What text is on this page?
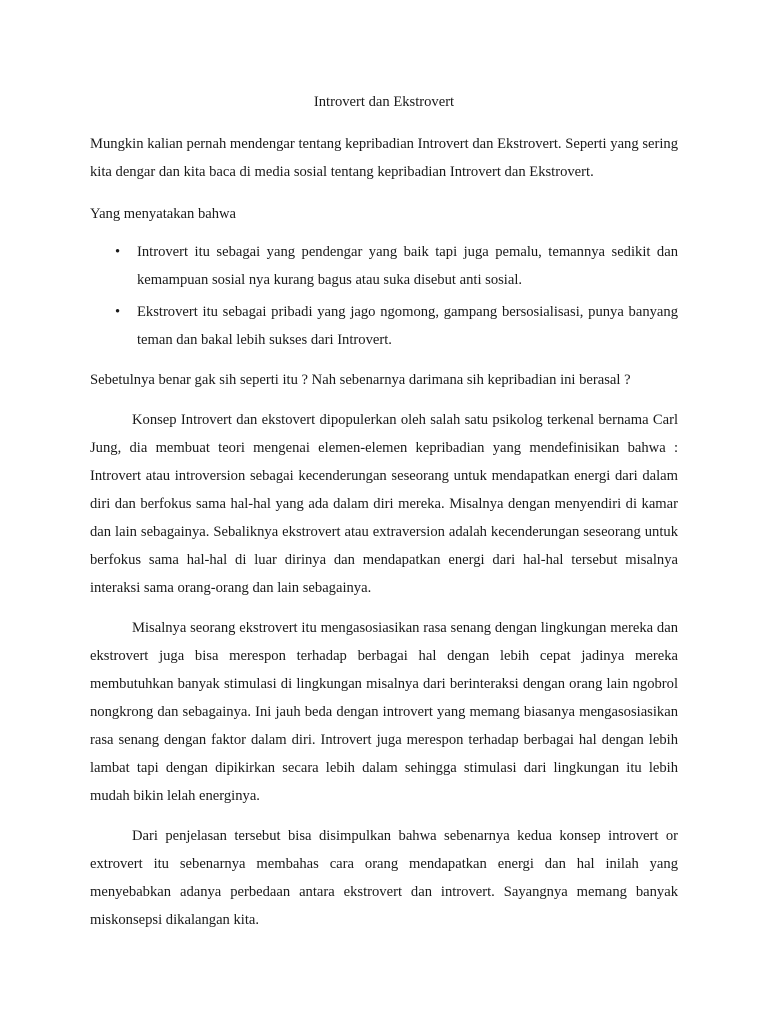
Introvert dan Ekstrovert

Mungkin kalian pernah mendengar tentang kepribadian Introvert dan Ekstrovert. Seperti yang sering kita dengar dan kita baca di media sosial tentang kepribadian Introvert dan Ekstrovert.

Yang menyatakan bahwa

• Introvert itu sebagai yang pendengar yang baik tapi juga pemalu, temannya sedikit dan kemampuan sosial nya kurang bagus atau suka disebut anti sosial.
• Ekstrovert itu sebagai pribadi yang jago ngomong, gampang bersosialisasi, punya banyang teman dan bakal lebih sukses dari Introvert.

Sebetulnya benar gak sih seperti itu ? Nah sebenarnya darimana sih kepribadian ini berasal ?

Konsep Introvert dan ekstovert dipopulerkan oleh salah satu psikolog terkenal bernama Carl Jung, dia membuat teori mengenai elemen-elemen kepribadian yang mendefinisikan bahwa : Introvert atau introversion sebagai kecenderungan seseorang untuk mendapatkan energi dari dalam diri dan berfokus sama hal-hal yang ada dalam diri mereka. Misalnya dengan menyendiri di kamar dan lain sebagainya. Sebaliknya ekstrovert atau extraversion adalah kecenderungan seseorang untuk berfokus sama hal-hal di luar dirinya dan mendapatkan energi dari hal-hal tersebut misalnya interaksi sama orang-orang dan lain sebagainya.

Misalnya seorang ekstrovert itu mengasosiasikan rasa senang dengan lingkungan mereka dan ekstrovert juga bisa merespon terhadap berbagai hal dengan lebih cepat jadinya mereka membutuhkan banyak stimulasi di lingkungan misalnya dari berinteraksi dengan orang lain ngobrol nongkrong dan sebagainya. Ini jauh beda dengan introvert yang memang biasanya mengasosiasikan rasa senang dengan faktor dalam diri. Introvert juga merespon terhadap berbagai hal dengan lebih lambat tapi dengan dipikirkan secara lebih dalam sehingga stimulasi dari lingkungan itu lebih mudah bikin lelah energinya.

Dari penjelasan tersebut bisa disimpulkan bahwa sebenarnya kedua konsep introvert or extrovert itu sebenarnya membahas cara orang mendapatkan energi dan hal inilah yang menyebabkan adanya perbedaan antara ekstrovert dan introvert. Sayangnya memang banyak miskonsepsi dikalangan kita.
